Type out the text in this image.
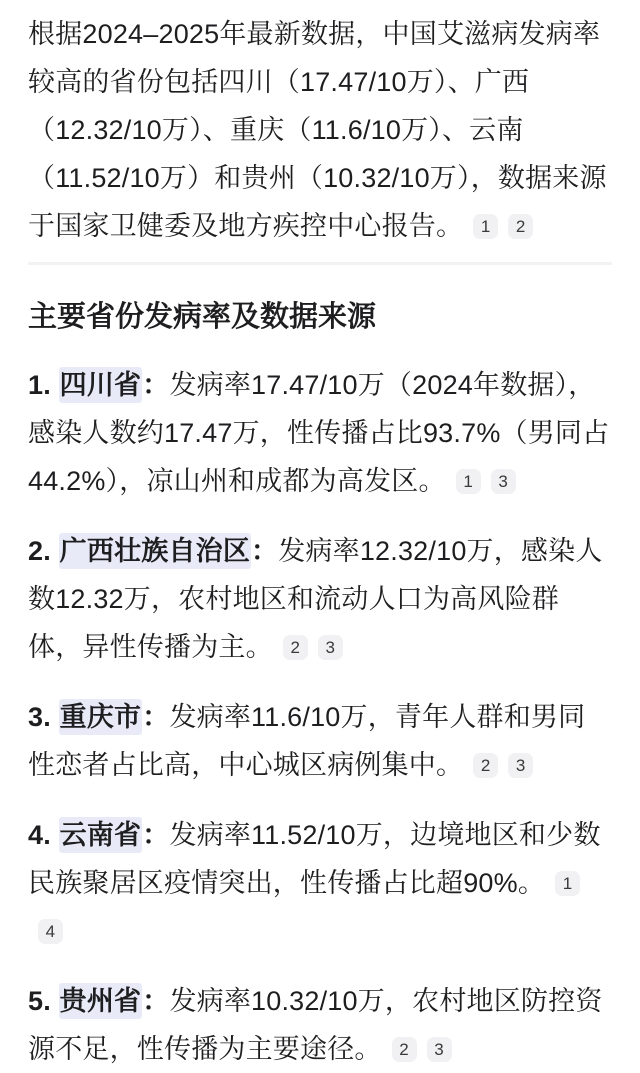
根据2024–2025年最新数据，中国艾滋病发病率较高的省份包括四川（17.47/10万）、广西（12.32/10万）、重庆（11.6/10万）、云南（11.52/10万）和贵州（10.32/10万），数据来源于国家卫健委及地方疾控中心报告。 1 2

主要省份发病率及数据来源

1. 四川省：发病率17.47/10万（2024年数据），感染人数约17.47万，性传播占比93.7%（男同占44.2%），凉山州和成都为高发区。 1 3

2. 广西壮族自治区：发病率12.32/10万，感染人数12.32万，农村地区和流动人口为高风险群体，异性传播为主。 2 3

3. 重庆市：发病率11.6/10万，青年人群和男同性恋者占比高，中心城区病例集中。 2 3

4. 云南省：发病率11.52/10万，边境地区和少数民族聚居区疫情突出，性传播占比超90%。 14

5. 贵州省：发病率10.32/10万，农村地区防控资源不足，性传播为主要途径。 2 3
